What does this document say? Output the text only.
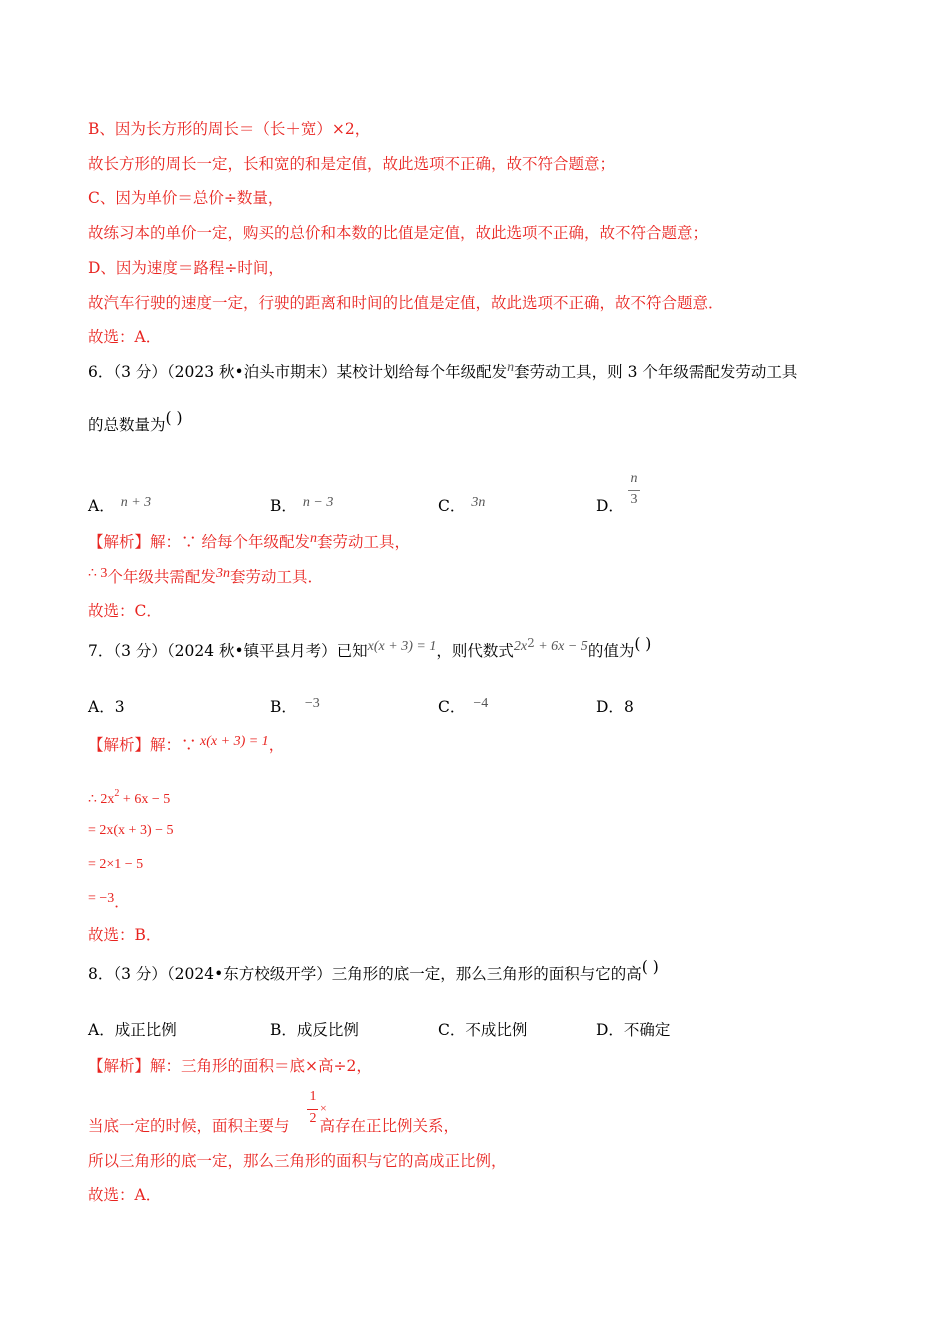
B、因为长方形的周长＝（长＋宽）×2，
故长方形的周长一定，长和宽的和是定值，故此选项不正确，故不符合题意；
C、因为单价＝总价÷数量，
故练习本的单价一定，购买的总价和本数的比值是定值，故此选项不正确，故不符合题意；
D、因为速度＝路程÷时间，
故汽车行驶的速度一定，行驶的距离和时间的比值是定值，故此选项不正确，故不符合题意．
故选：A．
6．（3 分）（2023 秋•泊头市期末）某校计划给每个年级配发n套劳动工具，则 3 个年级需配发劳动工具
的总数量为( )
A． n + 3	B． n − 3	C． 3n	D．
n
3
【解析】解：∵ 给每个年级配发n套劳动工具，
∴ 3个年级共需配发3n套劳动工具．
故选：C．
7．（3 分）（2024 秋•镇平县月考）已知x(x + 3) = 1，则代数式$2x^2 + 6x - 5$的值为( )
A．3	B． −3	C． −4	D．8
【解析】解：∵ x(x + 3) = 1，
∴ $2x^2 + 6x - 5$
= 2x(x + 3) − 5
= 2×1 − 5
= −3．
故选：B．
8．（3 分）（2024•东方校级开学）三角形的底一定，那么三角形的面积与它的高( )
A．成正比例	B．成反比例	C．不成比例	D．不确定
【解析】解：三角形的面积＝底×高÷2，
当底一定的时候，面积主要与 高存在正比例关系，
1
2
×
所以三角形的底一定，那么三角形的面积与它的高成正比例，
故选：A．
